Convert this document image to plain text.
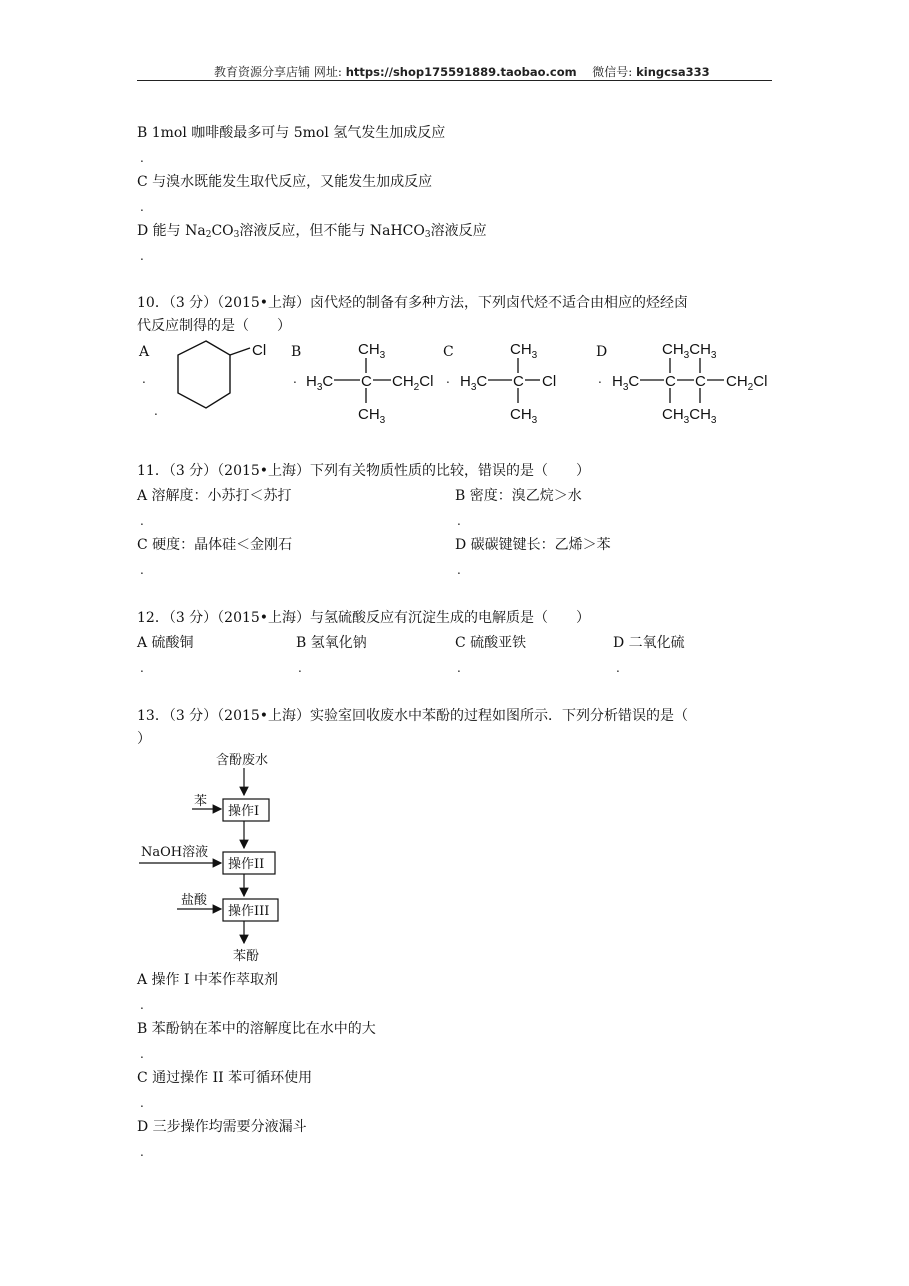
教育资源分享店铺 网址: https://shop175591889.taobao.com 微信号: kingcsa333
B 1mol 咖啡酸最多可与 5mol 氢气发生加成反应
.
C 与溴水既能发生取代反应，又能发生加成反应
.
D 能与 $Na_2CO_3$溶液反应，但不能与 NaHCO$_3$溶液反应
.
10．（3 分）（2015•上海）卤代烃的制备有多种方法，下列卤代烃不适合由相应的烃经卤
代反应制得的是（　　）
A
.
.
B
.
C
.
D
.
Cl	$CH_3$
$H_3C$ C $CH_2Cl$
$CH_3$
$CH_3$
$H_3C$ C Cl
$CH_3$
$CH_3CH_3$
$H_3C$ C C $CH_2Cl$
$CH_3CH_3$
11．（3 分）（2015•上海）下列有关物质性质的比较，错误的是（　　）
A 溶解度：小苏打＜苏打	B 密度：溴乙烷＞水
.	.
C 硬度：晶体硅＜金刚石	D 碳碳键键长：乙烯＞苯
.	.
12．（3 分）（2015•上海）与氢硫酸反应有沉淀生成的电解质是（　　）
A 硫酸铜	B 氢氧化钠	C 硫酸亚铁	D 二氧化硫
.	.	.	.
13．（3 分）（2015•上海）实验室回收废水中苯酚的过程如图所示．下列分析错误的是（
）
含酚废水
苯
操作I
NaOH溶液
操作II
盐酸
操作III
苯酚
A 操作 I 中苯作萃取剂
.
B 苯酚钠在苯中的溶解度比在水中的大
.
C 通过操作 II 苯可循环使用
.
D 三步操作均需要分液漏斗
.
